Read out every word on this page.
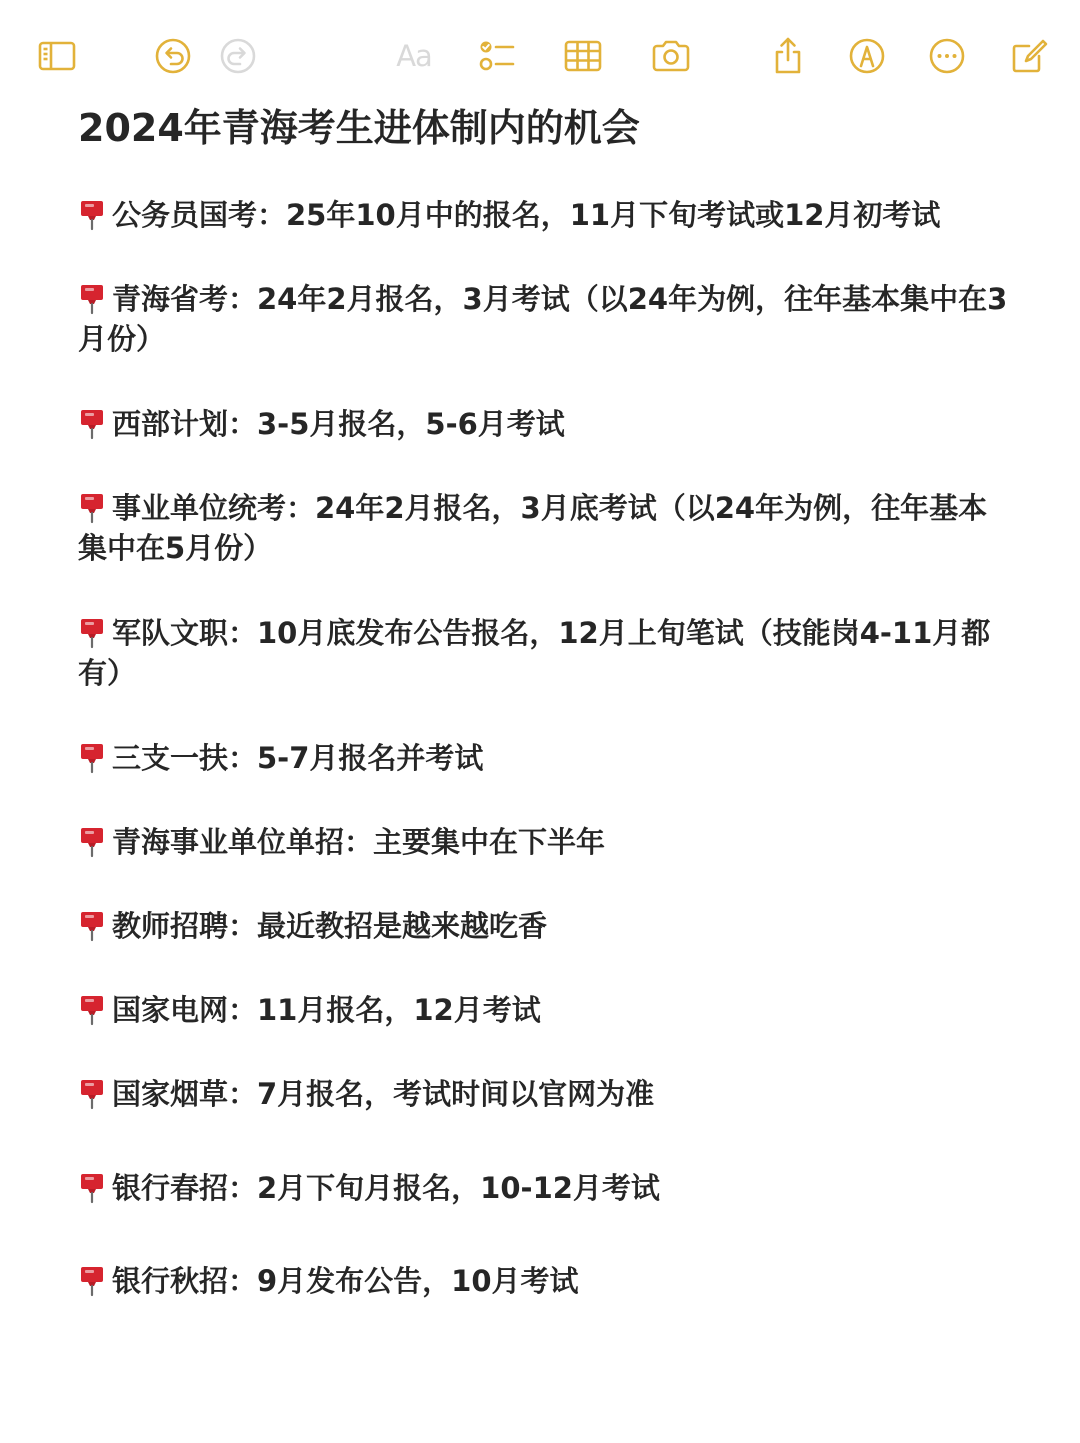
Aa
2024年青海考生进体制内的机会
公务员国考：25年10月中的报名，11月下旬考试或12月初考试
青海省考：24年2月报名，3月考试（以24年为例，往年基本集中在3月份）
西部计划：3-5月报名，5-6月考试
事业单位统考：24年2月报名，3月底考试（以24年为例，往年基本集中在5月份）
军队文职：10月底发布公告报名，12月上旬笔试（技能岗4-11月都有）
三支一扶：5-7月报名并考试
青海事业单位单招：主要集中在下半年
教师招聘：最近教招是越来越吃香
国家电网：11月报名，12月考试
国家烟草：7月报名，考试时间以官网为准
银行春招：2月下旬月报名，10-12月考试
银行秋招：9月发布公告，10月考试
